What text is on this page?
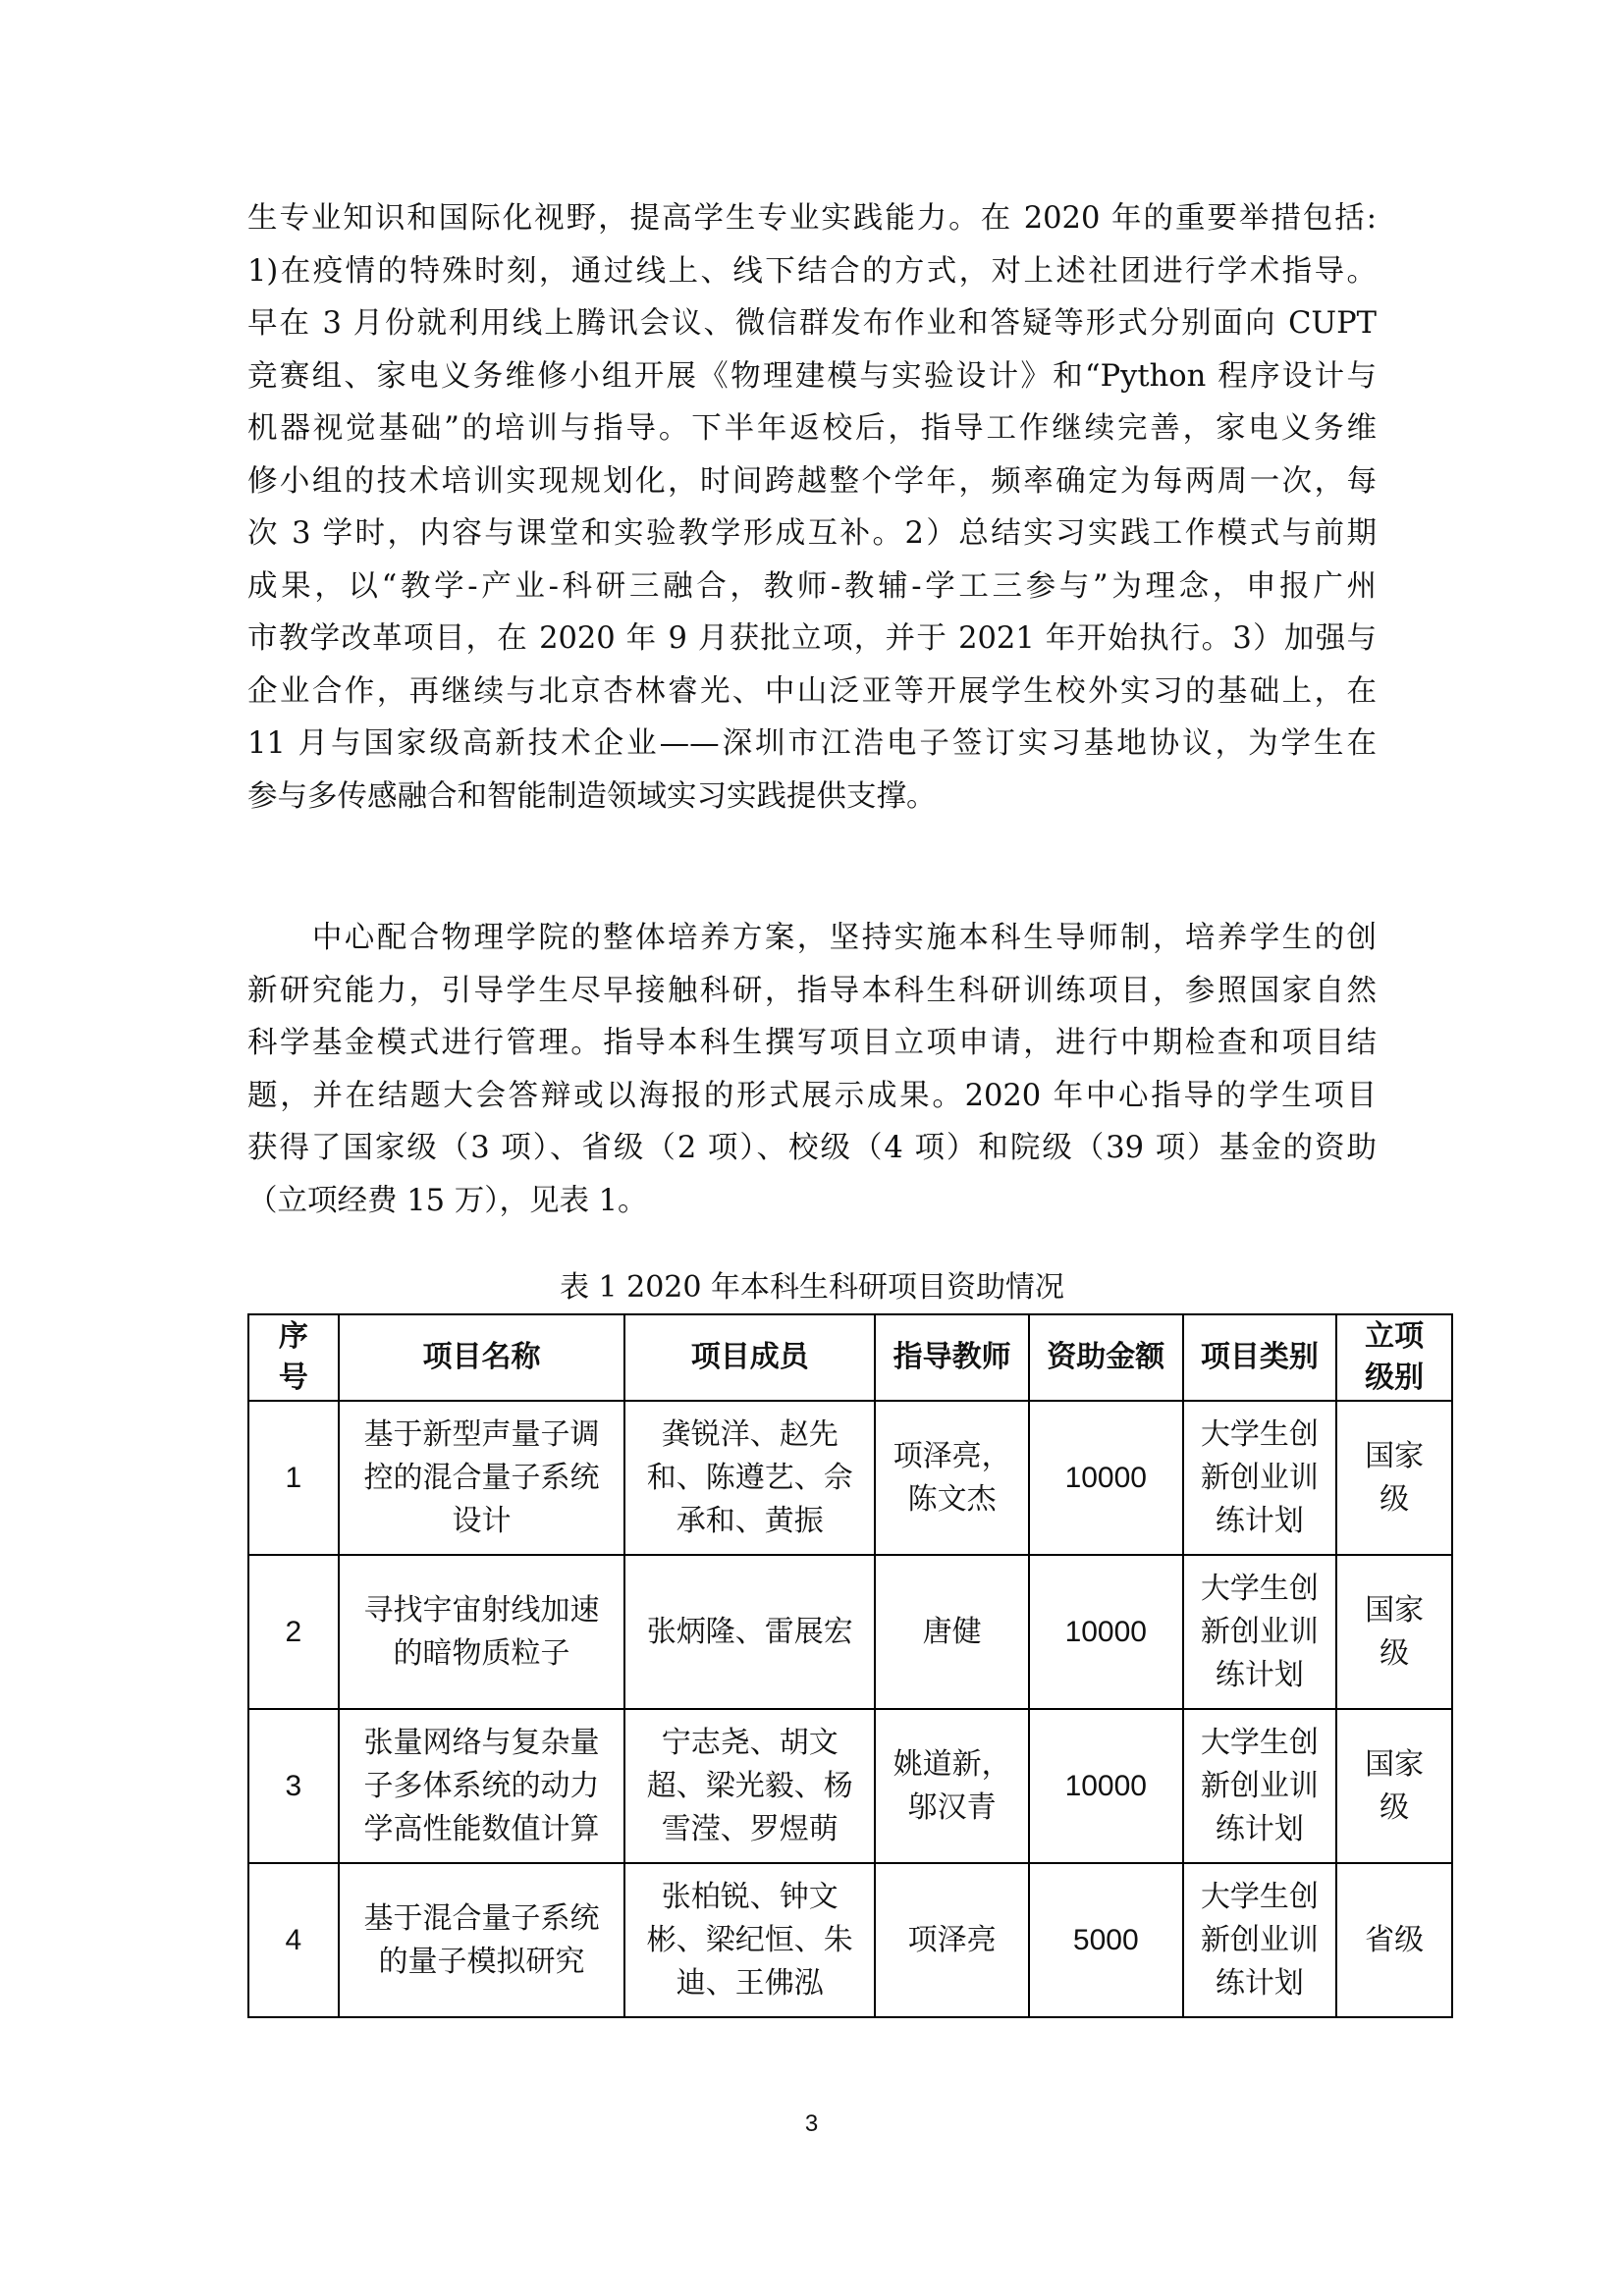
生专业知识和国际化视野，提高学生专业实践能力。在 2020 年的重要举措包括:
1)在疫情的特殊时刻，通过线上、线下结合的方式，对上述社团进行学术指导。
早在 3 月份就利用线上腾讯会议、微信群发布作业和答疑等形式分别面向 CUPT
竞赛组、家电义务维修小组开展《物理建模与实验设计》和“Python 程序设计与
机器视觉基础”的培训与指导。下半年返校后，指导工作继续完善，家电义务维
修小组的技术培训实现规划化，时间跨越整个学年，频率确定为每两周一次，每
次 3 学时，内容与课堂和实验教学形成互补。2）总结实习实践工作模式与前期
成果，以“教学-产业-科研三融合，教师-教辅-学工三参与”为理念，申报广州
市教学改革项目，在 2020 年 9 月获批立项，并于 2021 年开始执行。3）加强与
企业合作，再继续与北京杏林睿光、中山泛亚等开展学生校外实习的基础上，在
11 月与国家级高新技术企业——深圳市江浩电子签订实习基地协议，为学生在
参与多传感融合和智能制造领域实习实践提供支撑。
　　中心配合物理学院的整体培养方案，坚持实施本科生导师制，培养学生的创
新研究能力，引导学生尽早接触科研，指导本科生科研训练项目，参照国家自然
科学基金模式进行管理。指导本科生撰写项目立项申请，进行中期检查和项目结
题，并在结题大会答辩或以海报的形式展示成果。2020 年中心指导的学生项目
获得了国家级（3 项）、省级（2 项）、校级（4 项）和院级（39 项）基金的资助
（立项经费 15 万），见表 1。
表 1 2020 年本科生科研项目资助情况
序号	项目名称	项目成员	指导教师	资助金额	项目类别	立项级别
1	基于新型声量子调控的混合量子系统设计	龚锐洋、赵先和、陈遵艺、佘承和、黄振	项泽亮，陈文杰	10000	大学生创新创业训练计划	国家级
2	寻找宇宙射线加速的暗物质粒子	张炳隆、雷展宏	唐健	10000	大学生创新创业训练计划	国家级
3	张量网络与复杂量子多体系统的动力学高性能数值计算	宁志尧、胡文超、梁光毅、杨雪滢、罗煜萌	姚道新，邬汉青	10000	大学生创新创业训练计划	国家级
4	基于混合量子系统的量子模拟研究	张柏锐、钟文彬、梁纪恒、朱迪、王佛泓	项泽亮	5000	大学生创新创业训练计划	省级
3
